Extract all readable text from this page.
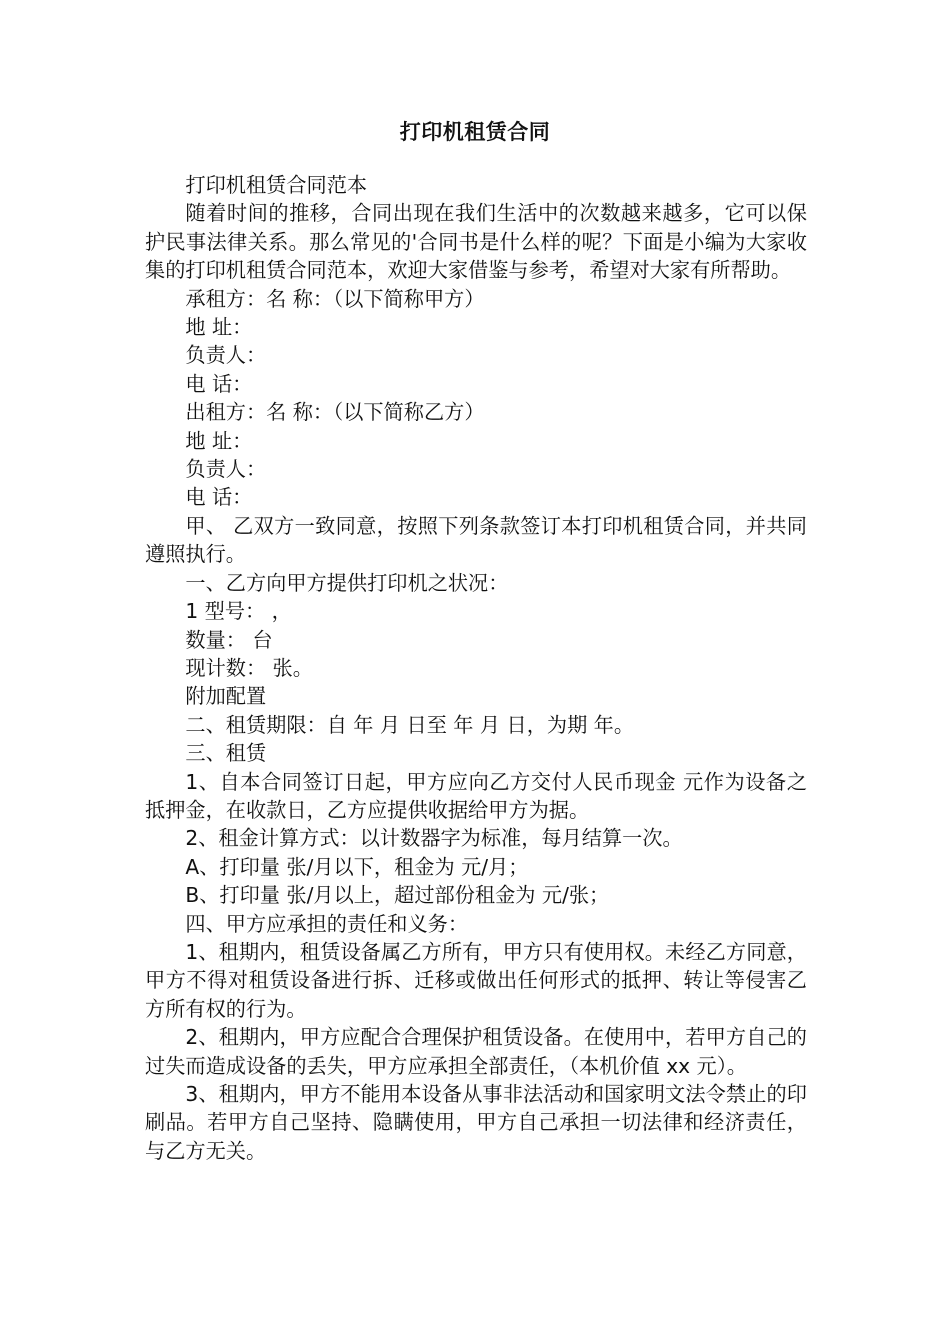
打印机租赁合同

打印机租赁合同范本

随着时间的推移，合同出现在我们生活中的次数越来越多，它可以保护民事法律关系。那么常见的'合同书是什么样的呢？下面是小编为大家收集的打印机租赁合同范本，欢迎大家借鉴与参考，希望对大家有所帮助。

承租方：名 称：（以下简称甲方）

地 址：

负责人：

电 话：

出租方：名 称：（以下简称乙方）

地 址：

负责人：

电 话：

甲、 乙双方一致同意，按照下列条款签订本打印机租赁合同，并共同遵照执行。

一、乙方向甲方提供打印机之状况：

1 型号： ，

数量： 台

现计数： 张。

附加配置

二、租赁期限：自 年 月 日至 年 月 日，为期 年。

三、租赁

1、自本合同签订日起，甲方应向乙方交付人民币现金 元作为设备之抵押金，在收款日，乙方应提供收据给甲方为据。

2、租金计算方式：以计数器字为标准，每月结算一次。

A、打印量 张/月以下，租金为 元/月；

B、打印量 张/月以上，超过部份租金为 元/张；

四、甲方应承担的责任和义务：

1、租期内，租赁设备属乙方所有，甲方只有使用权。未经乙方同意，甲方不得对租赁设备进行拆、迁移或做出任何形式的抵押、转让等侵害乙方所有权的行为。

2、租期内，甲方应配合合理保护租赁设备。在使用中，若甲方自己的过失而造成设备的丢失，甲方应承担全部责任，（本机价值 xx 元）。

3、租期内，甲方不能用本设备从事非法活动和国家明文法令禁止的印刷品。若甲方自己坚持、隐瞒使用，甲方自己承担一切法律和经济责任，与乙方无关。
